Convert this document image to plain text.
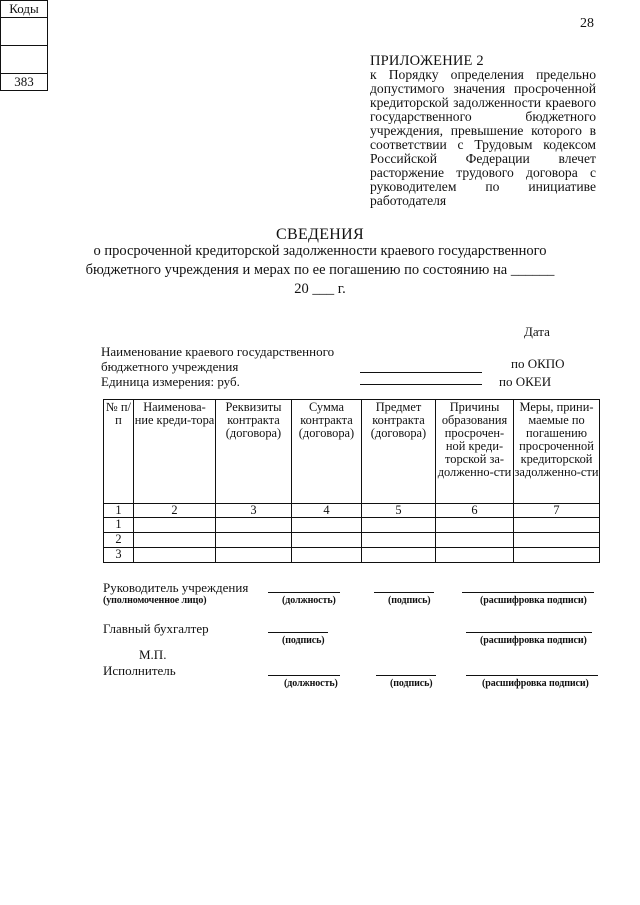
28
ПРИЛОЖЕНИЕ 2
к Порядку определения предельно допустимого значения просроченной кредиторской задолженности краевого государственного бюджетного учреждения, превышение которого в соответствии с Трудовым кодексом Российской Федерации влечет расторжение трудового договора с руководителем по инициативе работодателя
СВЕДЕНИЯ
о просроченной кредиторской задолженности краевого государственного
бюджетного учреждения и мерах по ее погашению по состоянию на ______
20 ___ г.
Коды

383
Дата
по ОКПО
по ОКЕИ
Наименование краевого государственного
бюджетного учреждения
Единица измерения: руб.
№ п/п	Наименова-ние креди-тора	Реквизиты контракта (договора)	Сумма контракта (договора)	Предмет контракта (договора)	Причины образования просрочен-ной креди-торской за-долженно-сти	Меры, прини-маемые по погашению просроченной кредиторской задолженно-сти
1	2	3	4	5	6	7
1						
2						
3						
Руководитель учреждения
(уполномоченное лицо)	(должность)	(подпись)	(расшифровка подписи)
Главный бухгалтер
(подпись)	(расшифровка подписи)
М.П.
Исполнитель
(должность)	(подпись)	(расшифровка подписи)
